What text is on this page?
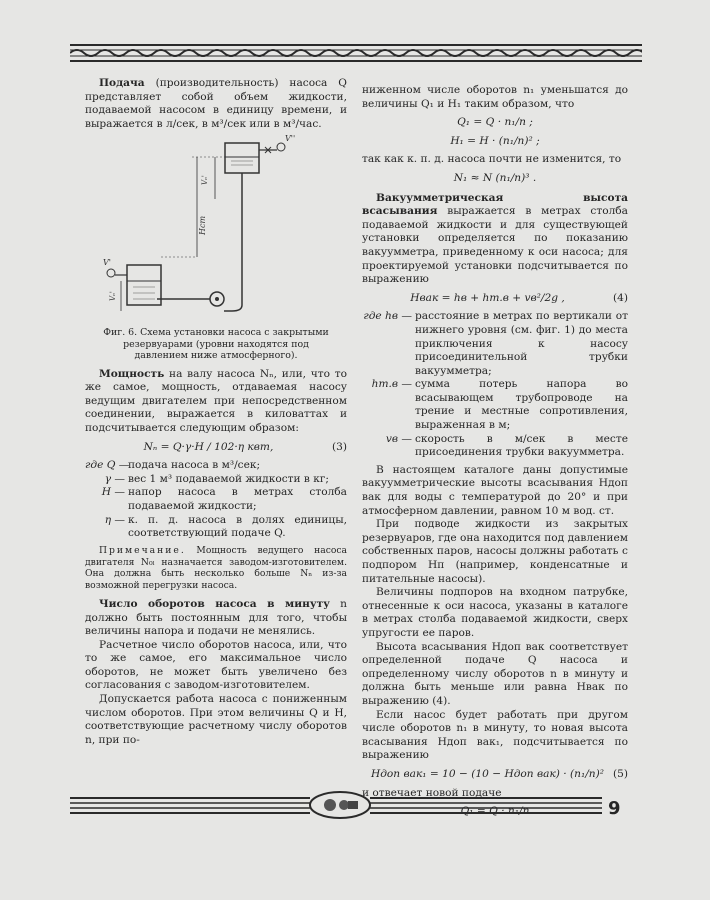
Подача (производительность) насоса Q представляет собой объем жидкости, подаваемой насосом в единицу времени, и выражается в л/сек, в м³/сек или в м³/час.

V''
Vₙ'
Hcm
V'
Vₙ'

Фиг. 6. Схема установки насоса с закрытыми резервуарами (уровни находятся под давлением ниже атмосферного).

Мощность на валу насоса Nₙ, или, что то же самое, мощность, отдаваемая насосу ведущим двигателем при непосредственном соединении, выражается в киловаттах и подсчитывается следующим образом:

Nₙ = Q·γ·H / 102·η квт,	(3)
где Q —
подача насоса в м³/сек;
γ — вес 1 м³ подаваемой жидкости в кг;
H — напор насоса в метрах столба подаваемой жидкости;
η — к. п. д. насоса в долях единицы, соответствующий подаче Q.

Примечание. Мощность ведущего насоса двигателя N₀ₗ назначается заводом-изготовителем. Она должна быть несколько больше Nₙ из-за возможной перегрузки насоса.

Число оборотов насоса в минуту n должно быть постоянным для того, чтобы величины напора и подачи не менялись.

Расчетное число оборотов насоса, или, что то же самое, его максимальное число оборотов, не может быть увеличено без согласования с заводом-изготовителем.

Допускается работа насоса с пониженным числом оборотов. При этом величины Q и H, соответствующие расчетному числу оборотов n, при по-

ниженном числе оборотов n₁ уменьшатся до величины Q₁ и H₁ таким образом, что

Q₁ = Q · n₁/n ;
H₁ = H · (n₁/n)² ;

так как к. п. д. насоса почти не изменится, то

N₁ ≈ N (n₁/n)³ .

Вакуумметрическая высота всасывания выражается в метрах столба подаваемой жидкости и для существующей установки определяется по показанию вакуумметра, приведенному к оси насоса; для проектируемой установки подсчитывается по выражению

Hвак = hв + hт.в + vв²/2g ,	(4)
где hв — расстояние в метрах по вертикали от нижнего уровня (см. фиг. 1) до места приключения к насосу присоединительной трубки вакуумметра;
hт.в — сумма потерь напора во всасывающем трубопроводе на трение и местные сопротивления, выраженная в м;
vв — скорость в м/сек в месте присоединения трубки вакуумметра.

В настоящем каталоге даны допустимые вакуумметрические высоты всасывания Hдоп вак для воды с температурой до 20° и при атмосферном давлении, равном 10 м вод. ст.

При подводе жидкости из закрытых резервуаров, где она находится под давлением собственных паров, насосы должны работать с подпором Hп (например, конденсатные и питательные насосы).

Величины подпоров на входном патрубке, отнесенные к оси насоса, указаны в каталоге в метрах столба подаваемой жидкости, сверх упругости ее паров.

Высота всасывания Hдоп вак соответствует определенной подаче Q насоса и определенному числу оборотов n в минуту и должна быть меньше или равна Hвак по выражению (4).

Если насос будет работать при другом числе оборотов n₁ в минуту, то новая высота всасывания Hдоп вак₁, подсчитывается по выражению

Hдоп вак₁ = 10 − (10 − Hдоп вак) · (n₁/n)² (5)

и отвечает новой подаче

Q₁ = Q · n₁/n	9
